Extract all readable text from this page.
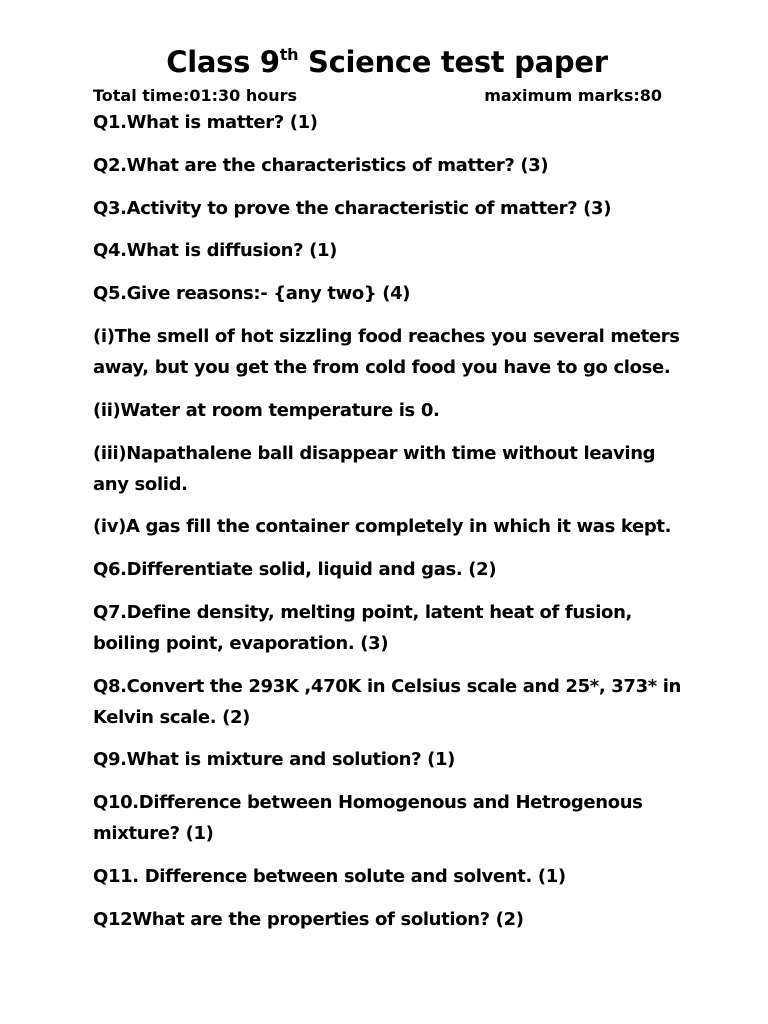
Class 9th Science test paper
Total time:01:30 hours	maximum marks:80
Q1.What is matter? (1)
Q2.What are the characteristics of matter? (3)
Q3.Activity to prove the characteristic of matter? (3)
Q4.What is diffusion? (1)
Q5.Give reasons:- {any two} (4)
(i)The smell of hot sizzling food reaches you several meters
away, but you get the from cold food you have to go close.
(ii)Water at room temperature is 0.
(iii)Napathalene ball disappear with time without leaving
any solid.
(iv)A gas fill the container completely in which it was kept.
Q6.Differentiate solid, liquid and gas. (2)
Q7.Define density, melting point, latent heat of fusion,
boiling point, evaporation. (3)
Q8.Convert the 293K ,470K in Celsius scale and 25*, 373* in
Kelvin scale. (2)
Q9.What is mixture and solution? (1)
Q10.Difference between Homogenous and Hetrogenous
mixture? (1)
Q11. Difference between solute and solvent. (1)
Q12What are the properties of solution? (2)
